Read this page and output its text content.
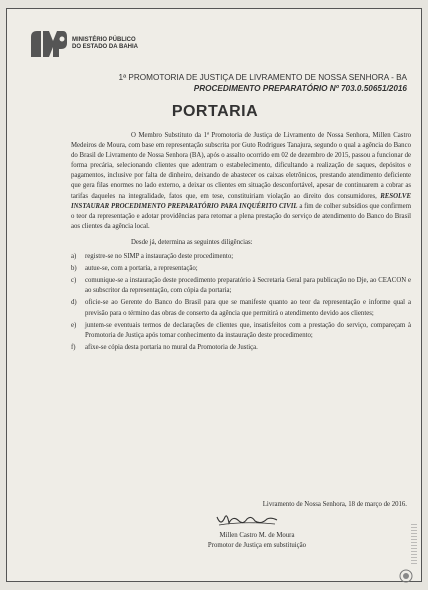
MINISTÉRIO PÚBLICO
DO ESTADO DA BAHIA
1ª PROMOTORIA DE JUSTIÇA DE LIVRAMENTO DE NOSSA SENHORA - BA
PROCEDIMENTO PREPARATÓRIO Nº 703.0.50651/2016
PORTARIA

O Membro Substituto da 1ª Promotoria de Justiça de Livramento de Nossa Senhora, Millen Castro Medeiros de Moura, com base em representação subscrita por Guto Rodrigues Tanajura, segundo o qual a agência do Banco do Brasil de Livramento de Nossa Senhora (BA), após o assalto ocorrido em 02 de dezembro de 2015, passou a funcionar de forma precária, selecionando clientes que adentram o estabelecimento, dificultando a realização de saques, depósitos e pagamentos, inclusive por falta de dinheiro, deixando de abastecer os caixas eletrônicos, prestando atendimento deficiente que gera filas enormes no lado externo, a deixar os clientes em situação desconfortável, apesar de continuarem a cobrar as tarifas daqueles na integralidade, fatos que, em tese, constituiriam violação ao direito dos consumidores, RESOLVE INSTAURAR PROCEDIMENTO PREPARATÓRIO PARA INQUÉRITO CIVIL a fim de colher subsídios que confirmem o teor da representação e adotar providências para retomar a plena prestação do serviço de atendimento do Banco do Brasil aos clientes da agência local.

Desde já, determina as seguintes diligências:

a)	registre-se no SIMP a instauração deste procedimento;
b)	autue-se, com a portaria, a representação;
c)	comunique-se a instauração deste procedimento preparatório à Secretaria Geral para publicação no Dje, ao CEACON e ao subscritor da representação, com cópia da portaria;
d)	oficie-se ao Gerente do Banco do Brasil para que se manifeste quanto ao teor da representação e informe qual a previsão para o término das obras de conserto da agência que permitirá o atendimento devido aos clientes;
e)	juntem-se eventuais termos de declarações de clientes que, insatisfeitos com a prestação do serviço, compareçam à Promotoria de Justiça após tomar conhecimento da instauração deste procedimento;
f)	afixe-se cópia desta portaria no mural da Promotoria de Justiça.
Livramento de Nossa Senhora, 18 de março de 2016.
Millen Castro M. de Moura
Promotor de Justiça em substituição
